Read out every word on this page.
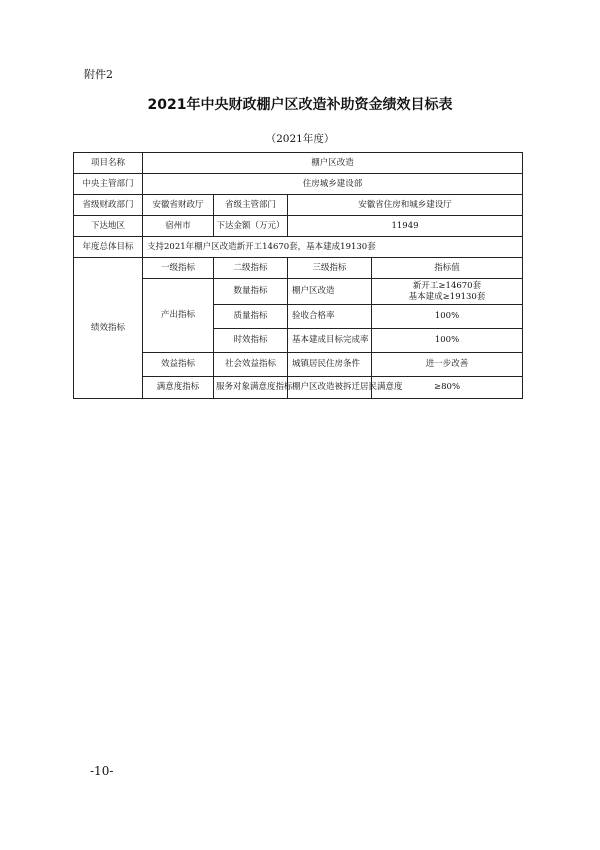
附件2
2021年中央财政棚户区改造补助资金绩效目标表
（2021年度）
项目名称	棚户区改造			
中央主管部门	住房城乡建设部			
省级财政部门	安徽省财政厅	省级主管部门	安徽省住房和城乡建设厅	
下达地区	宿州市	下达金额（万元）	11949	
年度总体目标	支持2021年棚户区改造新开工14670套，基本建成19130套			
绩效指标	一级指标	二级指标	三级指标	指标值
	产出指标	数量指标	棚户区改造	新开工≥14670套
基本建成≥19130套

		质量指标	验收合格率	100%
		时效指标	基本建成目标完成率	100%
	效益指标	社会效益指标	城镇居民住房条件	进一步改善
	满意度指标	服务对象满意度指标	棚户区改造被拆迁居民满意度	≥80%
-10-
